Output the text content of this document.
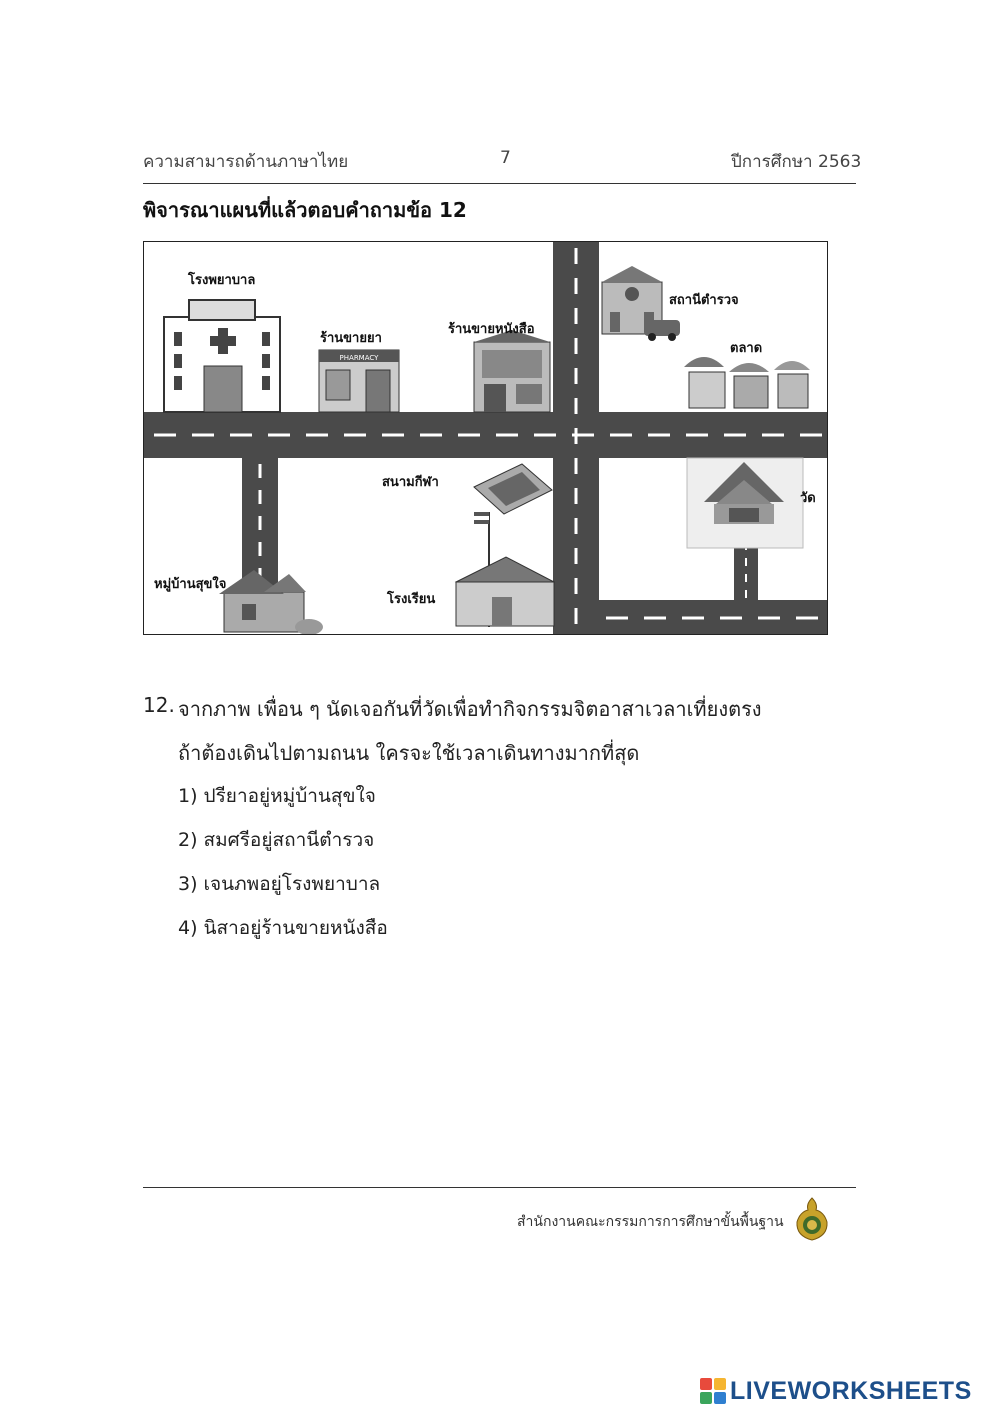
ความสามารถด้านภาษาไทย	7	ปีการศึกษา 2563
พิจารณาแผนที่แล้วตอบคำถามข้อ 12
PHARMACY
โรงพยาบาล
ร้านขายยา
ร้านขายหนังสือ
สถานีตำรวจ
ตลาด
สนามกีฬา
วัด
หมู่บ้านสุขใจ
โรงเรียน
12. จากภาพ เพื่อน ๆ นัดเจอกันที่วัดเพื่อทำกิจกรรมจิตอาสาเวลาเที่ยงตรง
ถ้าต้องเดินไปตามถนน ใครจะใช้เวลาเดินทางมากที่สุด
1) ปรียาอยู่หมู่บ้านสุขใจ
2) สมศรีอยู่สถานีตำรวจ
3) เจนภพอยู่โรงพยาบาล
4) นิสาอยู่ร้านขายหนังสือ
สำนักงานคณะกรรมการการศึกษาขั้นพื้นฐาน
LIVEWORKSHEETS
